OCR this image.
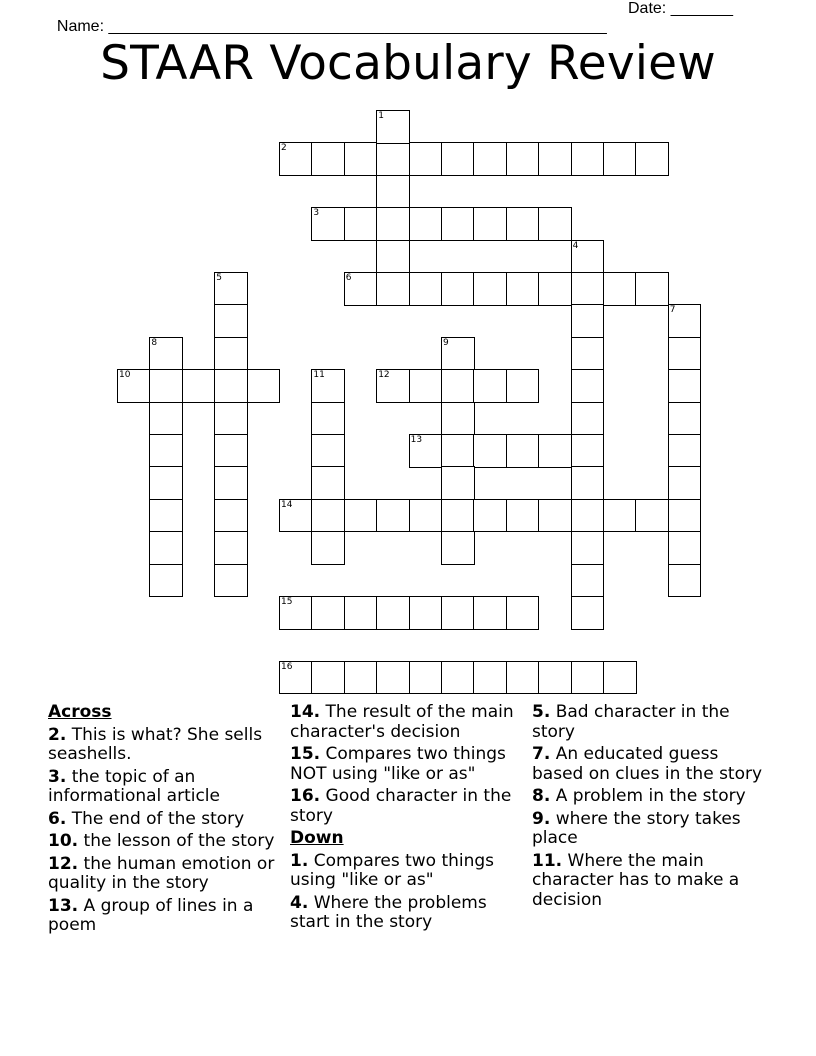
Name: ________________________________________________________

Date: _______

STAAR Vocabulary Review
2
3
6
10	12
13
14
15
16
1
4
5
7
8	9
11
Across
2. This is what? She sells seashells.
3. the topic of an informational article
6. The end of the story
10. the lesson of the story
12. the human emotion or quality in the story
13. A group of lines in a poem
14. The result of the main character's decision
15. Compares two things NOT using "like or as"
16. Good character in the story
Down
1. Compares two things using "like or as"
4. Where the problems start in the story
5. Bad character in the story
7. An educated guess based on clues in the story
8. A problem in the story
9. where the story takes place
11. Where the main character has to make a decision
